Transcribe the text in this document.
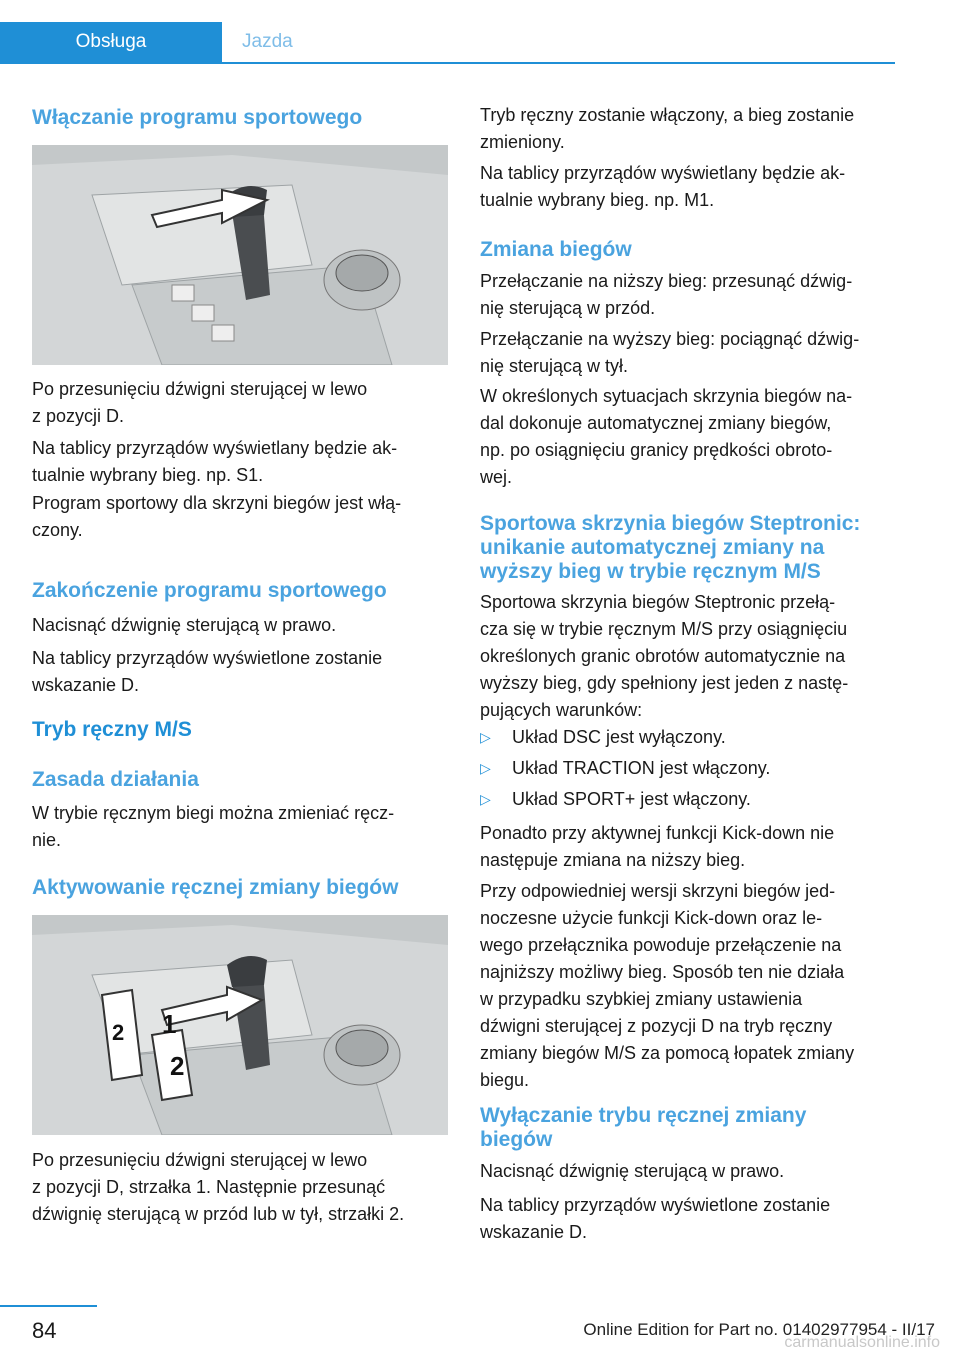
Obsługa	Jazda
Włączanie programu sportowego

Po przesunięciu dźwigni sterującej w lewo
z pozycji D.

Na tablicy przyrządów wyświetlany będzie ak‐
tualnie wybrany bieg. np. S1.

Program sportowy dla skrzyni biegów jest włą‐
czony.

Zakończenie programu sportowego

Nacisnąć dźwignię sterującą w prawo.

Na tablicy przyrządów wyświetlone zostanie
wskazanie D.

Tryb ręczny M/S
Zasada działania

W trybie ręcznym biegi można zmieniać ręcz‐
nie.

Aktywowanie ręcznej zmiany biegów
1
2
2

Po przesunięciu dźwigni sterującej w lewo
z pozycji D, strzałka 1. Następnie przesunąć
dźwignię sterującą w przód lub w tył, strzałki 2.

Tryb ręczny zostanie włączony, a bieg zostanie
zmieniony.

Na tablicy przyrządów wyświetlany będzie ak‐
tualnie wybrany bieg. np. M1.

Zmiana biegów

Przełączanie na niższy bieg: przesunąć dźwig‐
nię sterującą w przód.

Przełączanie na wyższy bieg: pociągnąć dźwig‐
nię sterującą w tył.

W określonych sytuacjach skrzynia biegów na‐
dal dokonuje automatycznej zmiany biegów,
np. po osiągnięciu granicy prędkości obroto‐
wej.

Sportowa skrzynia biegów Steptronic:
unikanie automatycznej zmiany na
wyższy bieg w trybie ręcznym M/S

Sportowa skrzynia biegów Steptronic przełą‐
cza się w trybie ręcznym M/S przy osiągnięciu
określonych granic obrotów automatycznie na
wyższy bieg, gdy spełniony jest jeden z nastę‐
pujących warunków:

▷	Układ DSC jest wyłączony.
▷	Układ TRACTION jest włączony.
▷	Układ SPORT+ jest włączony.

Ponadto przy aktywnej funkcji Kick-down nie
następuje zmiana na niższy bieg.

Przy odpowiedniej wersji skrzyni biegów jed‐
noczesne użycie funkcji Kick-down oraz le‐
wego przełącznika powoduje przełączenie na
najniższy możliwy bieg. Sposób ten nie działa
w przypadku szybkiej zmiany ustawienia
dźwigni sterującej z pozycji D na tryb ręczny
zmiany biegów M/S za pomocą łopatek zmiany
biegu.

Wyłączanie trybu ręcznej zmiany
biegów

Nacisnąć dźwignię sterującą w prawo.

Na tablicy przyrządów wyświetlone zostanie
wskazanie D.

84	Online Edition for Part no. 01402977954 - II/17
carmanualsonline.info
